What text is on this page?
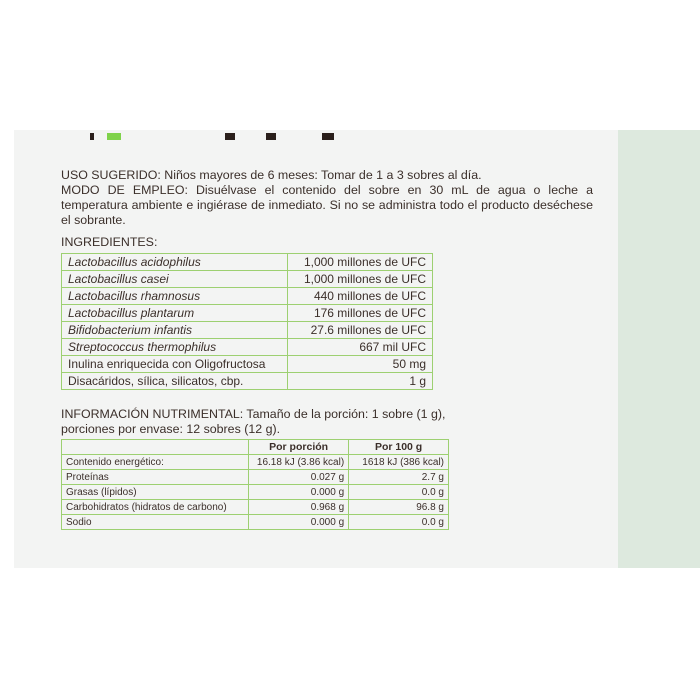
USO SUGERIDO: Niños mayores de 6 meses: Tomar de 1 a 3 sobres al día.

MODO DE EMPLEO: Disuélvase el contenido del sobre en 30 mL de agua o leche a temperatura ambiente e ingiérase de inmediato. Si no se administra todo el producto deséchese el sobrante.

INGREDIENTES:
Lactobacillus acidophilus	1,000 millones de UFC
Lactobacillus casei	1,000 millones de UFC
Lactobacillus rhamnosus	440 millones de UFC
Lactobacillus plantarum	176 millones de UFC
Bifidobacterium infantis	27.6 millones de UFC
Streptococcus thermophilus	667 mil UFC
Inulina enriquecida con Oligofructosa	50 mg
Disacáridos, sílica, silicatos, cbp.	1 g
INFORMACIÓN NUTRIMENTAL: Tamaño de la porción: 1 sobre (1 g), porciones por envase: 12 sobres (12 g).
	Por porción	Por 100 g
Contenido energético:	16.18 kJ (3.86 kcal)	1618 kJ (386 kcal)
Proteínas	0.027 g	2.7 g
Grasas (lípidos)	0.000 g	0.0 g
Carbohidratos (hidratos de carbono)	0.968 g	96.8 g
Sodio	0.000 g	0.0 g
